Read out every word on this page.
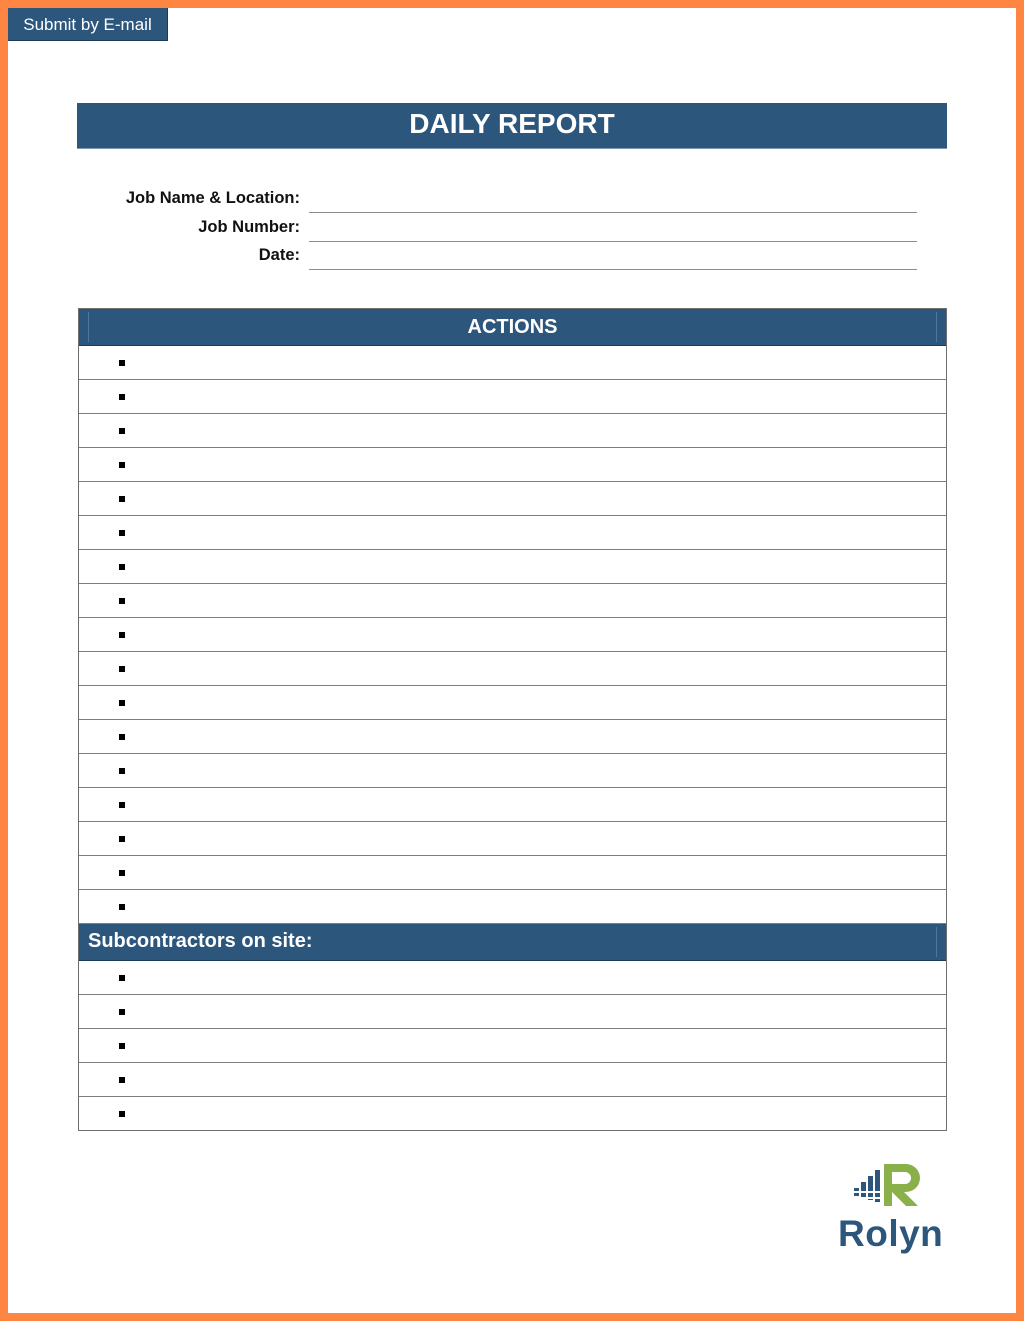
Submit by E-mail
DAILY REPORT
Job Name & Location:
Job Number:
Date:
ACTIONS
Subcontractors on site:
Rolyn
